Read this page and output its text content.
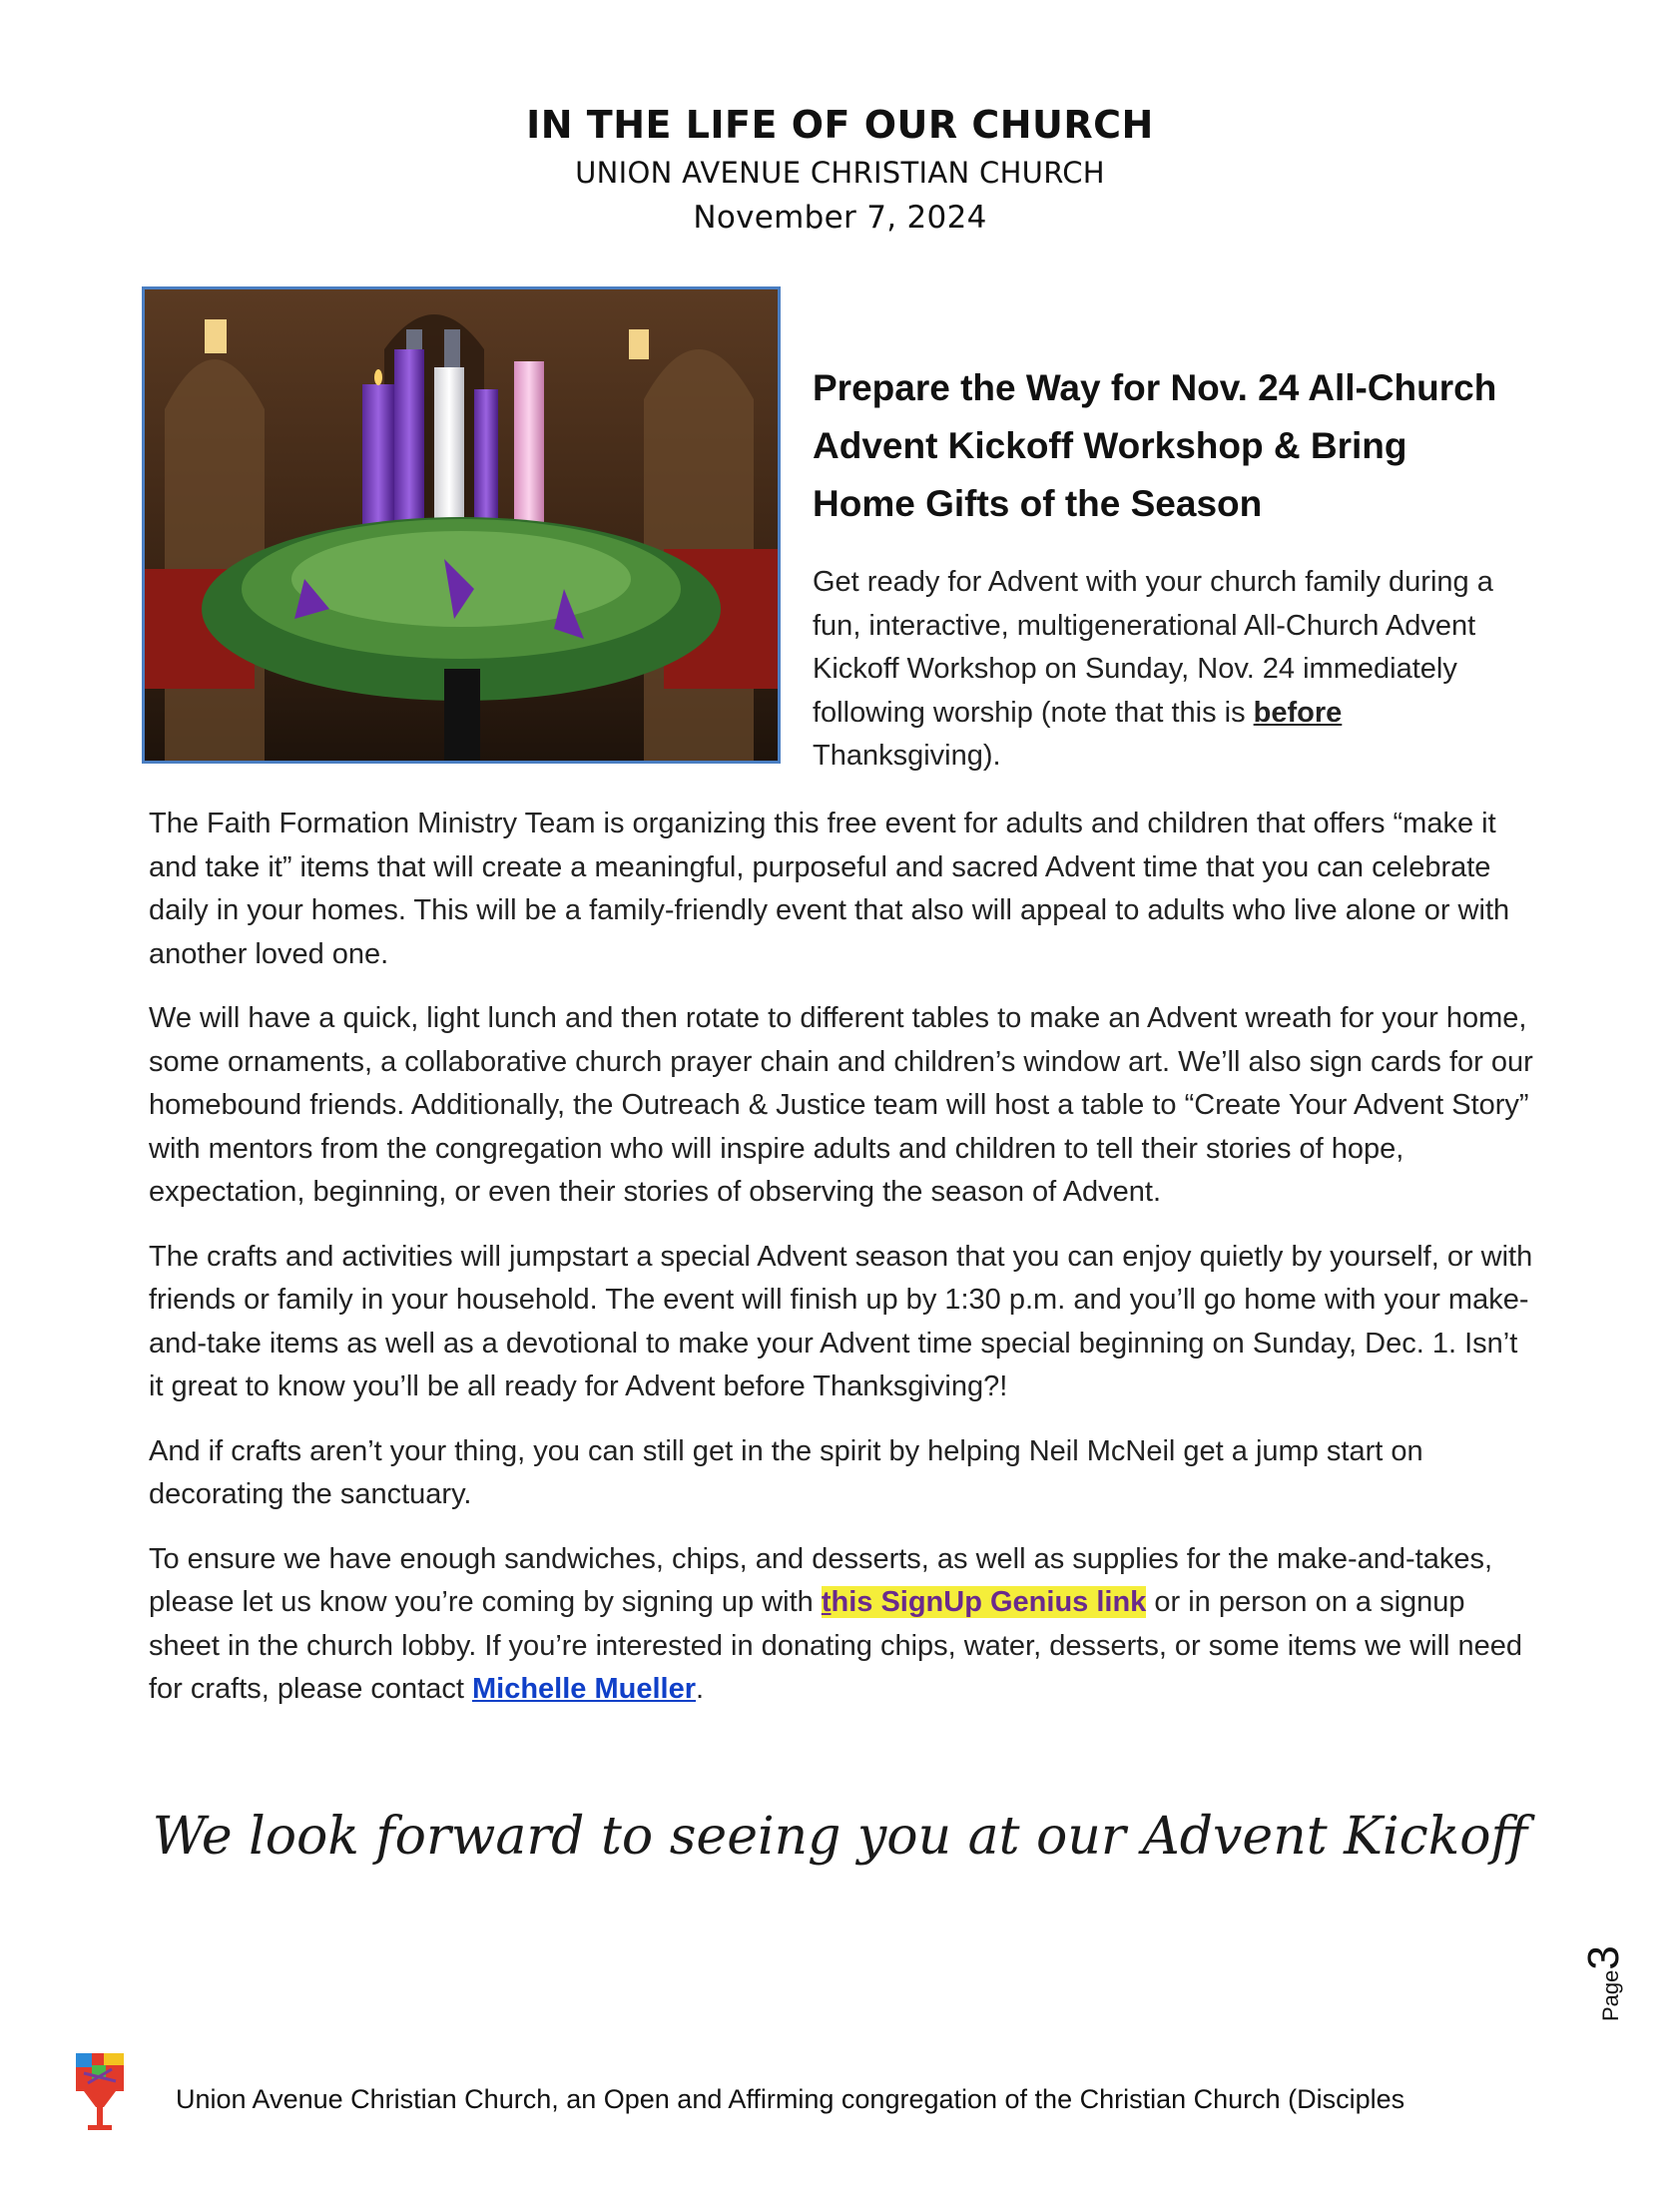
IN THE LIFE OF OUR CHURCH
UNION AVENUE CHRISTIAN CHURCH
November 7, 2024
Prepare the Way for Nov. 24 All-Church Advent Kickoff Workshop & Bring Home Gifts of the Season
Get ready for Advent with your church family during a fun, interactive, multigenerational All-Church Advent Kickoff Workshop on Sunday, Nov. 24 immediately following worship (note that this is before Thanksgiving).

The Faith Formation Ministry Team is organizing this free event for adults and children that offers “make it and take it” items that will create a meaningful, purposeful and sacred Advent time that you can celebrate daily in your homes. This will be a family-friendly event that also will appeal to adults who live alone or with another loved one.

We will have a quick, light lunch and then rotate to different tables to make an Advent wreath for your home, some ornaments, a collaborative church prayer chain and children’s window art. We’ll also sign cards for our homebound friends. Additionally, the Outreach & Justice team will host a table to “Create Your Advent Story” with mentors from the congregation who will inspire adults and children to tell their stories of hope, expectation, beginning, or even their stories of observing the season of Advent.

The crafts and activities will jumpstart a special Advent season that you can enjoy quietly by yourself, or with friends or family in your household. The event will finish up by 1:30 p.m. and you’ll go home with your make-and-take items as well as a devotional to make your Advent time special beginning on Sunday, Dec. 1. Isn’t it great to know you’ll be all ready for Advent before Thanksgiving?!

And if crafts aren’t your thing, you can still get in the spirit by helping Neil McNeil get a jump start on decorating the sanctuary.

To ensure we have enough sandwiches, chips, and desserts, as well as supplies for the make-and-takes, please let us know you’re coming by signing up with this SignUp Genius link or in person on a signup sheet in the church lobby. If you’re interested in donating chips, water, desserts, or some items we will need for crafts, please contact Michelle Mueller.

We look forward to seeing you at our Advent Kickoff
Page3
Union Avenue Christian Church, an Open and Affirming congregation of the Christian Church (Disciples
